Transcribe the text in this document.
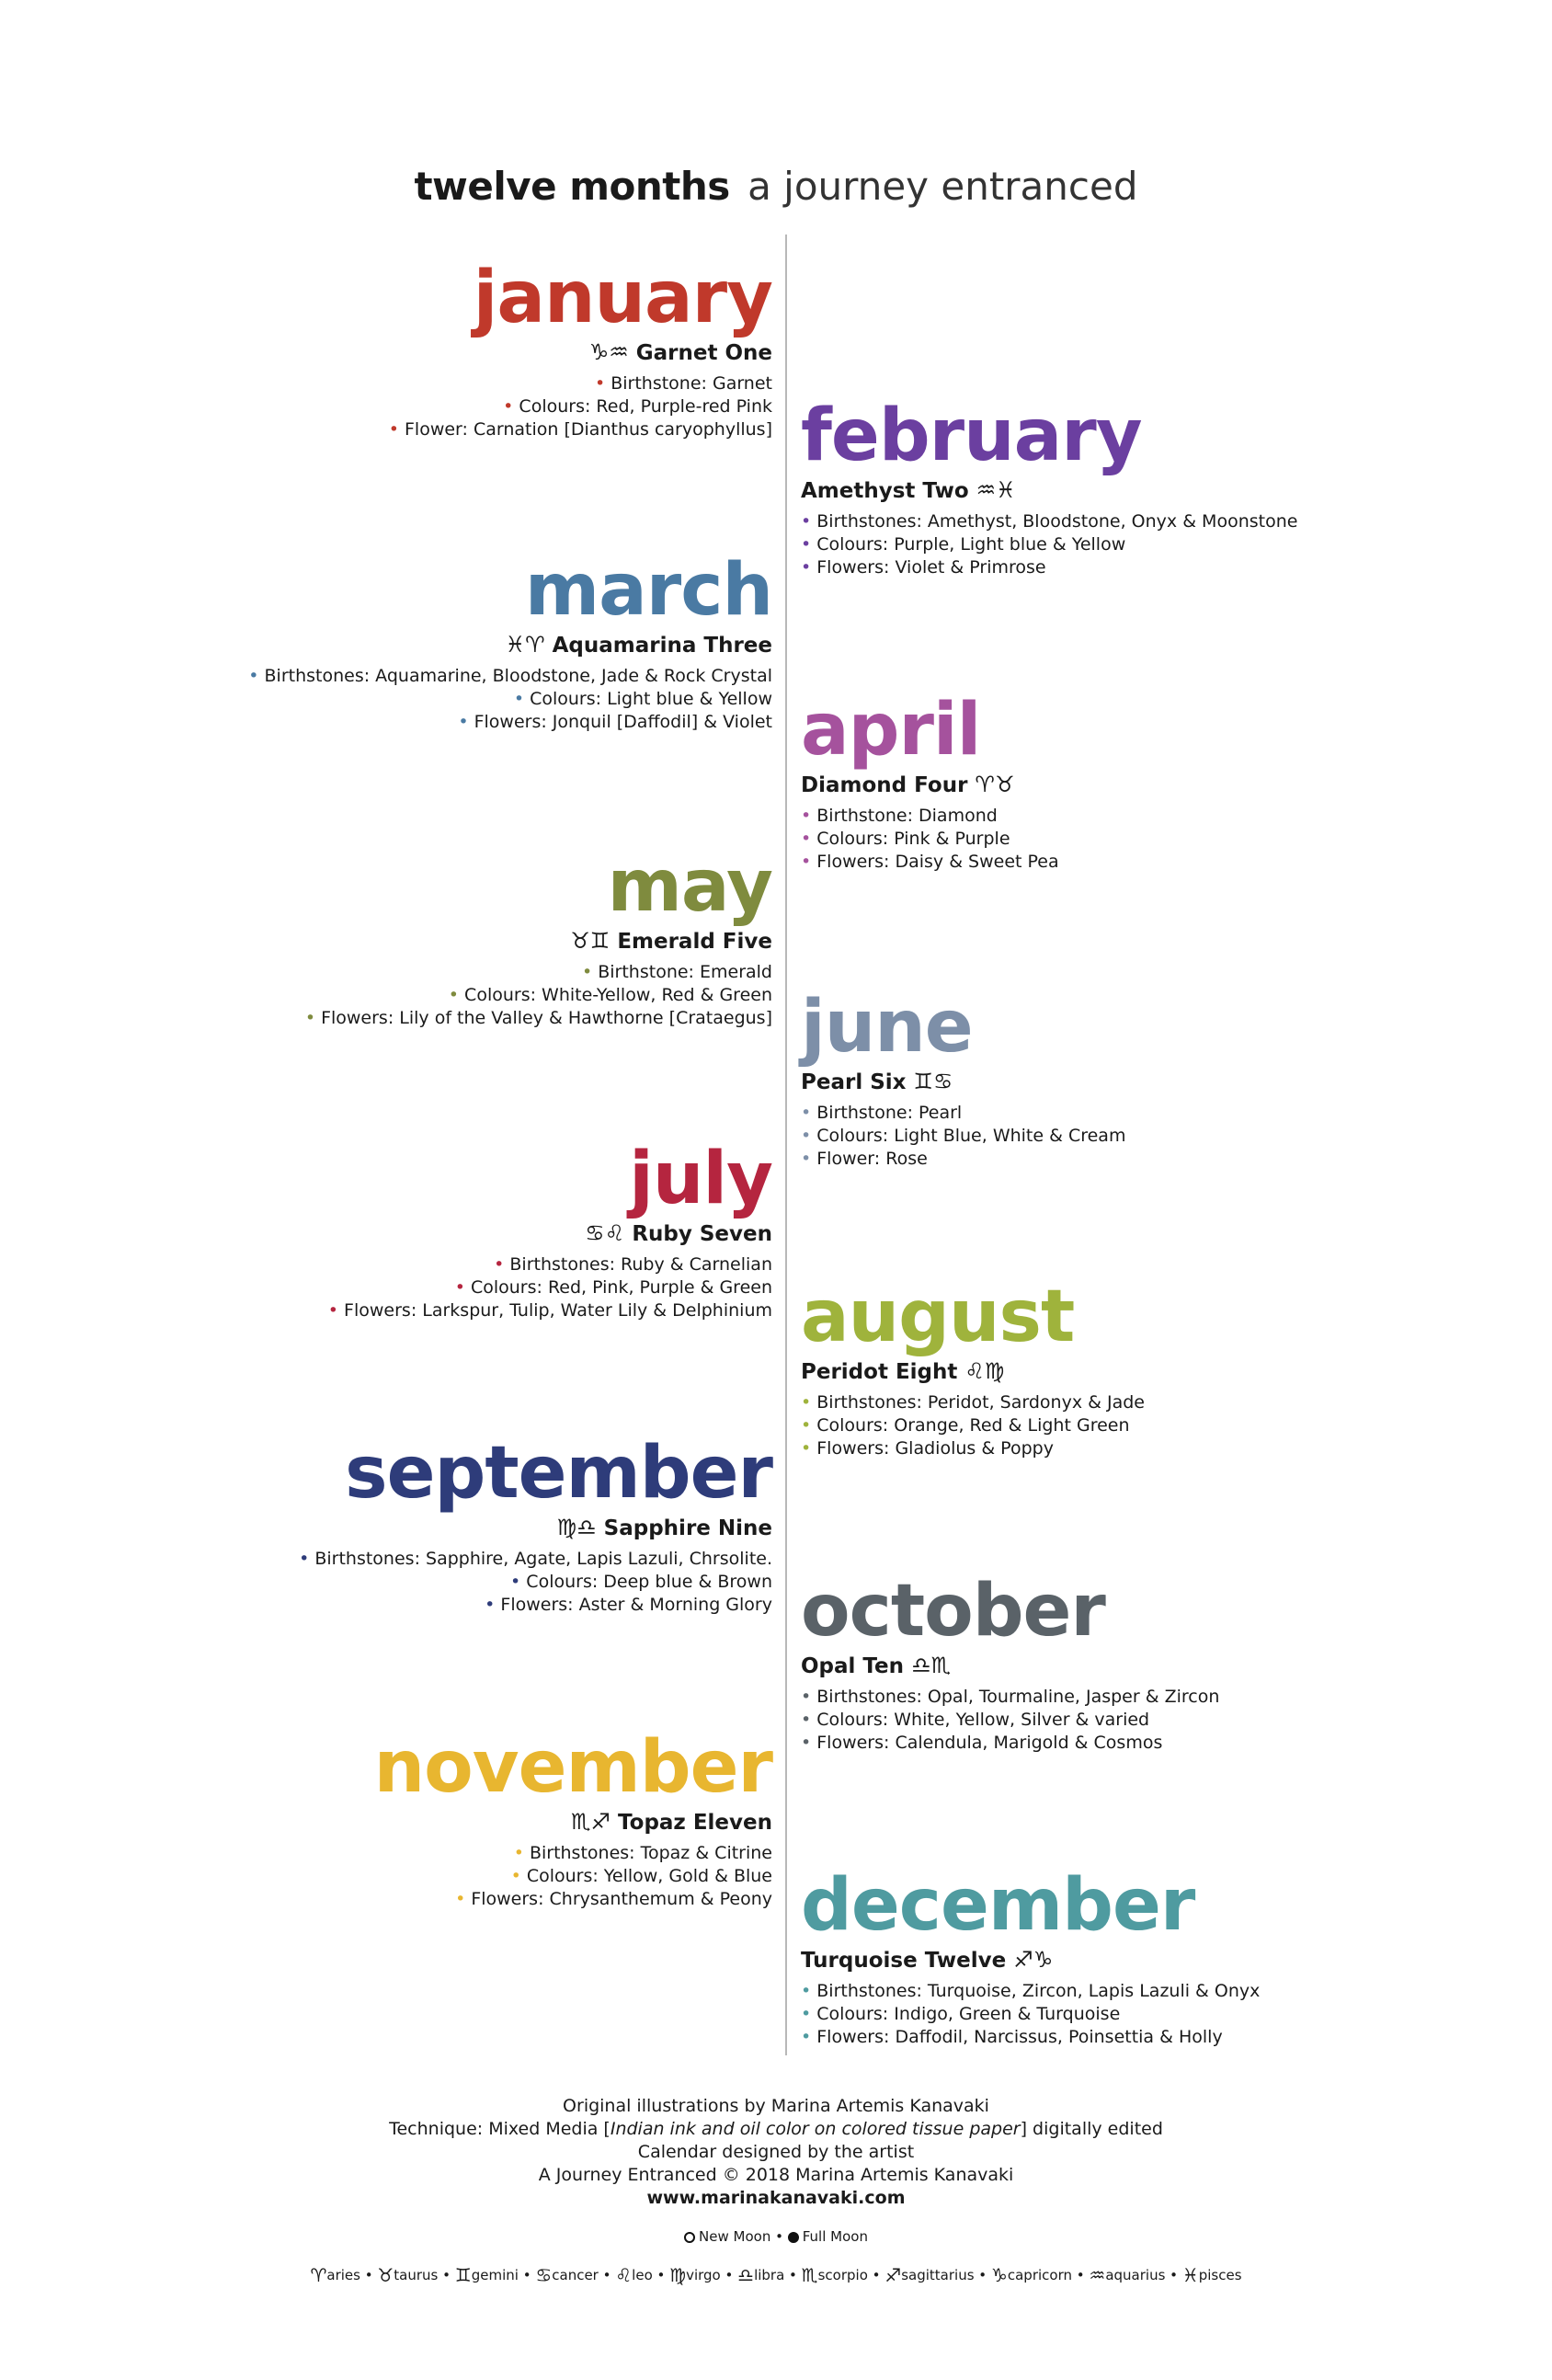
twelve months a journey entranced
january
♑♒ Garnet One
• Birthstone: Garnet
• Colours: Red, Purple-red Pink
• Flower: Carnation [Dianthus caryophyllus] february
Amethyst Two ♒♓
• Birthstones: Amethyst, Bloodstone, Onyx & Moonstone
• Colours: Purple, Light blue & Yellow
• Flowers: Violet & Primrose
march
♓♈ Aquamarina Three
• Birthstones: Aquamarine, Bloodstone, Jade & Rock Crystal
• Colours: Light blue & Yellow
• Flowers: Jonquil [Daffodil] & Violet april
Diamond Four ♈♉
• Birthstone: Diamond
• Colours: Pink & Purple
• Flowers: Daisy & Sweet Pea
may
♉♊ Emerald Five
• Birthstone: Emerald
• Colours: White-Yellow, Red & Green
• Flowers: Lily of the Valley & Hawthorne [Crataegus] june
Pearl Six ♊♋
• Birthstone: Pearl
• Colours: Light Blue, White & Cream
• Flower: Rose
july
♋♌ Ruby Seven
• Birthstones: Ruby & Carnelian
• Colours: Red, Pink, Purple & Green
• Flowers: Larkspur, Tulip, Water Lily & Delphinium august
Peridot Eight ♌♍
• Birthstones: Peridot, Sardonyx & Jade
• Colours: Orange, Red & Light Green
• Flowers: Gladiolus & Poppy
september
♍♎ Sapphire Nine
• Birthstones: Sapphire, Agate, Lapis Lazuli, Chrsolite.
• Colours: Deep blue & Brown
• Flowers: Aster & Morning Glory october
Opal Ten ♎♏
• Birthstones: Opal, Tourmaline, Jasper & Zircon
• Colours: White, Yellow, Silver & varied
• Flowers: Calendula, Marigold & Cosmos
november
♏♐ Topaz Eleven
• Birthstones: Topaz & Citrine
• Colours: Yellow, Gold & Blue
• Flowers: Chrysanthemum & Peony december
Turquoise Twelve ♐♑
• Birthstones: Turquoise, Zircon, Lapis Lazuli & Onyx
• Colours: Indigo, Green & Turquoise
• Flowers: Daffodil, Narcissus, Poinsettia & Holly
Original illustrations by Marina Artemis Kanavaki
Technique: Mixed Media [Indian ink and oil color on colored tissue paper] digitally edited
Calendar designed by the artist
A Journey Entranced © 2018 Marina Artemis Kanavaki
www.marinakanavaki.com
New Moon • Full Moon
♈aries • ♉taurus • ♊gemini • ♋cancer • ♌leo • ♍virgo • ♎libra • ♏scorpio • ♐sagittarius • ♑capricorn • ♒aquarius • ♓pisces
